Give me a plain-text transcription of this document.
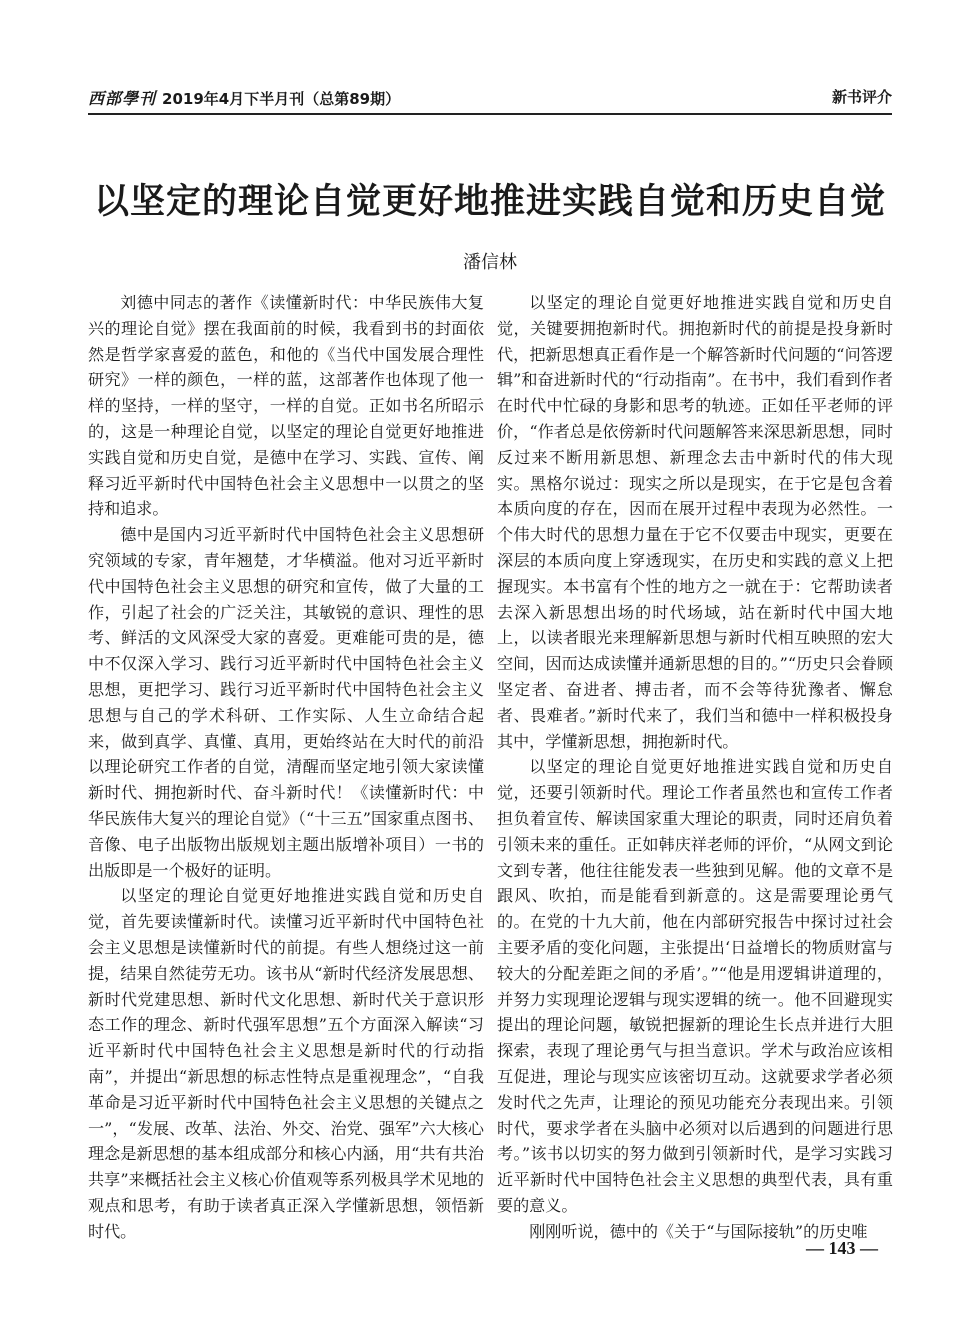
西部學刊 2019年4月下半月刊（总第89期）	新书评介
以坚定的理论自觉更好地推进实践自觉和历史自觉
潘信林

刘德中同志的著作《读懂新时代：中华民族伟大复兴的理论自觉》摆在我面前的时候，我看到书的封面依然是哲学家喜爱的蓝色，和他的《当代中国发展合理性研究》一样的颜色，一样的蓝，这部著作也体现了他一样的坚持，一样的坚守，一样的自觉。正如书名所昭示的，这是一种理论自觉，以坚定的理论自觉更好地推进实践自觉和历史自觉，是德中在学习、实践、宣传、阐释习近平新时代中国特色社会主义思想中一以贯之的坚持和追求。

德中是国内习近平新时代中国特色社会主义思想研究领域的专家，青年翘楚，才华横溢。他对习近平新时代中国特色社会主义思想的研究和宣传，做了大量的工作，引起了社会的广泛关注，其敏锐的意识、理性的思考、鲜活的文风深受大家的喜爱。更难能可贵的是，德中不仅深入学习、践行习近平新时代中国特色社会主义思想，更把学习、践行习近平新时代中国特色社会主义思想与自己的学术科研、工作实际、人生立命结合起来，做到真学、真懂、真用，更始终站在大时代的前沿以理论研究工作者的自觉，清醒而坚定地引领大家读懂新时代、拥抱新时代、奋斗新时代！《读懂新时代：中华民族伟大复兴的理论自觉》（“十三五”国家重点图书、音像、电子出版物出版规划主题出版增补项目）一书的出版即是一个极好的证明。

以坚定的理论自觉更好地推进实践自觉和历史自觉，首先要读懂新时代。读懂习近平新时代中国特色社会主义思想是读懂新时代的前提。有些人想绕过这一前提，结果自然徒劳无功。该书从“新时代经济发展思想、新时代党建思想、新时代文化思想、新时代关于意识形态工作的理念、新时代强军思想”五个方面深入解读“习近平新时代中国特色社会主义思想是新时代的行动指南”，并提出“新思想的标志性特点是重视理念”，“自我革命是习近平新时代中国特色社会主义思想的关键点之一”，“发展、改革、法治、外交、治党、强军”六大核心理念是新思想的基本组成部分和核心内涵，用“共有共治共享”来概括社会主义核心价值观等系列极具学术见地的观点和思考，有助于读者真正深入学懂新思想，领悟新时代。

以坚定的理论自觉更好地推进实践自觉和历史自觉，关键要拥抱新时代。拥抱新时代的前提是投身新时代，把新思想真正看作是一个解答新时代问题的“问答逻辑”和奋进新时代的“行动指南”。在书中，我们看到作者在时代中忙碌的身影和思考的轨迹。正如任平老师的评价，“作者总是依傍新时代问题解答来深思新思想，同时反过来不断用新思想、新理念去击中新时代的伟大现实。黑格尔说过：现实之所以是现实，在于它是包含着本质向度的存在，因而在展开过程中表现为必然性。一个伟大时代的思想力量在于它不仅要击中现实，更要在深层的本质向度上穿透现实，在历史和实践的意义上把握现实。本书富有个性的地方之一就在于：它帮助读者去深入新思想出场的时代场域，站在新时代中国大地上，以读者眼光来理解新思想与新时代相互映照的宏大空间，因而达成读懂并通新思想的目的。”“历史只会眷顾坚定者、奋进者、搏击者，而不会等待犹豫者、懈怠者、畏难者。”新时代来了，我们当和德中一样积极投身其中，学懂新思想，拥抱新时代。

以坚定的理论自觉更好地推进实践自觉和历史自觉，还要引领新时代。理论工作者虽然也和宣传工作者担负着宣传、解读国家重大理论的职责，同时还肩负着引领未来的重任。正如韩庆祥老师的评价，“从网文到论文到专著，他往往能发表一些独到见解。他的文章不是跟风、吹拍，而是能看到新意的。这是需要理论勇气的。在党的十九大前，他在内部研究报告中探讨过社会主要矛盾的变化问题，主张提出‘日益增长的物质财富与较大的分配差距之间的矛盾’。”“他是用逻辑讲道理的，并努力实现理论逻辑与现实逻辑的统一。他不回避现实提出的理论问题，敏锐把握新的理论生长点并进行大胆探索，表现了理论勇气与担当意识。学术与政治应该相互促进，理论与现实应该密切互动。这就要求学者必须发时代之先声，让理论的预见功能充分表现出来。引领时代，要求学者在头脑中必须对以后遇到的问题进行思考。”该书以切实的努力做到引领新时代，是学习实践习近平新时代中国特色社会主义思想的典型代表，具有重要的意义。

刚刚听说，德中的《关于“与国际接轨”的历史唯

— 143 —
